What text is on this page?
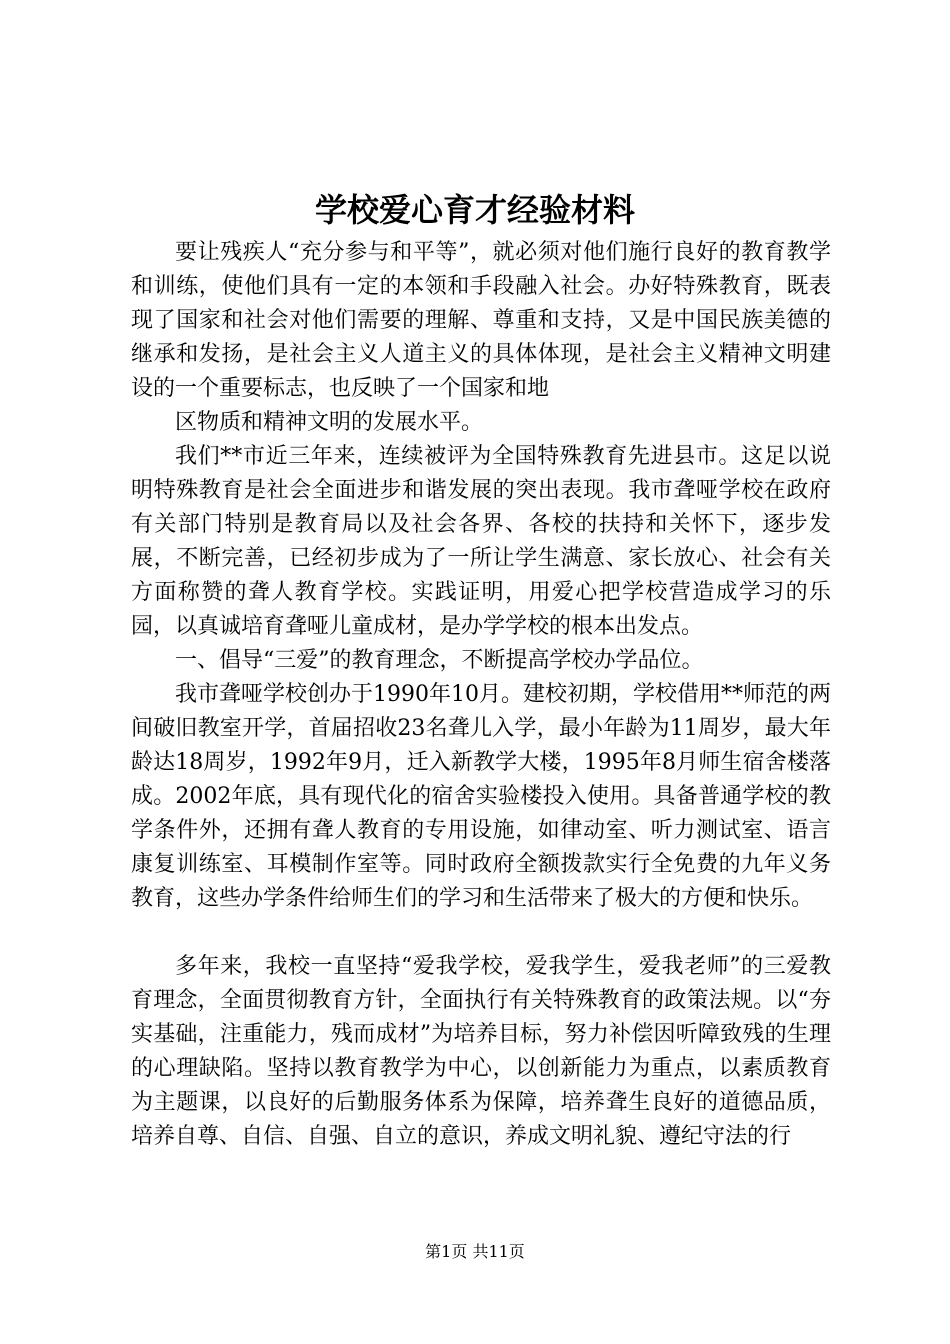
学校爱心育才经验材料

要让残疾人“充分参与和平等”，就必须对他们施行良好的教育教学和训练，使他们具有一定的本领和手段融入社会。办好特殊教育，既表现了国家和社会对他们需要的理解、尊重和支持，又是中国民族美德的继承和发扬，是社会主义人道主义的具体体现，是社会主义精神文明建设的一个重要标志，也反映了一个国家和地

区物质和精神文明的发展水平。

我们**市近三年来，连续被评为全国特殊教育先进县市。这足以说明特殊教育是社会全面进步和谐发展的突出表现。我市聋哑学校在政府有关部门特别是教育局以及社会各界、各校的扶持和关怀下，逐步发展，不断完善，已经初步成为了一所让学生满意、家长放心、社会有关方面称赞的聋人教育学校。实践证明，用爱心把学校营造成学习的乐园，以真诚培育聋哑儿童成材，是办学学校的根本出发点。

一、倡导“三爱”的教育理念，不断提高学校办学品位。

我市聋哑学校创办于1990年10月。建校初期，学校借用**师范的两间破旧教室开学，首届招收23名聋儿入学，最小年龄为11周岁，最大年龄达18周岁，1992年9月，迁入新教学大楼，1995年8月师生宿舍楼落成。2002年底，具有现代化的宿舍实验楼投入使用。具备普通学校的教学条件外，还拥有聋人教育的专用设施，如律动室、听力测试室、语言康复训练室、耳模制作室等。同时政府全额拨款实行全免费的九年义务教育，这些办学条件给师生们的学习和生活带来了极大的方便和快乐。

多年来，我校一直坚持“爱我学校，爱我学生，爱我老师”的三爱教育理念，全面贯彻教育方针，全面执行有关特殊教育的政策法规。以“夯实基础，注重能力，残而成材”为培养目标，努力补偿因听障致残的生理的心理缺陷。坚持以教育教学为中心，以创新能力为重点，以素质教育为主题课，以良好的后勤服务体系为保障，培养聋生良好的道德品质，培养自尊、自信、自强、自立的意识，养成文明礼貌、遵纪守法的行

第1页 共11页
